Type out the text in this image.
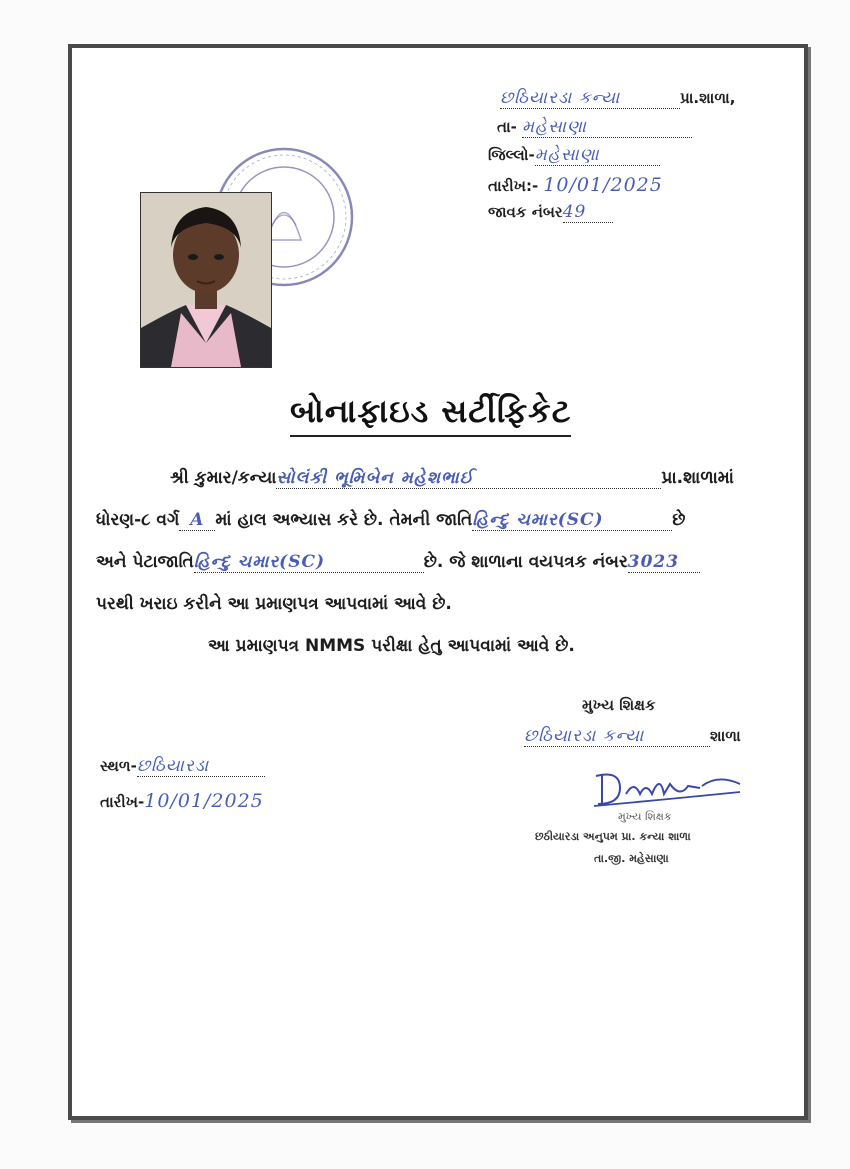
છઠિયારડા કન્યા	પ્રા.શાળા,
તા- મહેસાણા
જિલ્લો-મહેસાણા
તારીખ:- 10/01/2025
જાવક નંબર49
બોનાફાઇડ સર્ટીફિકેટ
શ્રી કુમાર/કન્યાસોલંકી ભૂમિબેન મહેશભાઈ	પ્રા.શાળામાં
ધોરણ-૮ વર્ગ A માં હાલ અભ્યાસ કરે છે. તેમની જાતિહિન્દુ ચમાર(SC)	છે
અને પેટાજાતિહિન્દુ ચમાર(SC)	છે. જે શાળાના વયપત્રક નંબર3023
પરથી ખરાઇ કરીને આ પ્રમાણપત્ર આપવામાં આવે છે.
આ પ્રમાણપત્ર NMMS પરીક્ષા હેતુ આપવામાં આવે છે.
મુખ્ય શિક્ષક
છઠિયારડા કન્યા	શાળા
સ્થળ-છઠિયારડા
તારીખ-10/01/2025
મુખ્ય શિક્ષક
છઠીયારડા અનુપમ પ્રા. કન્યા શાળા
તા.જી. મહેસાણા
